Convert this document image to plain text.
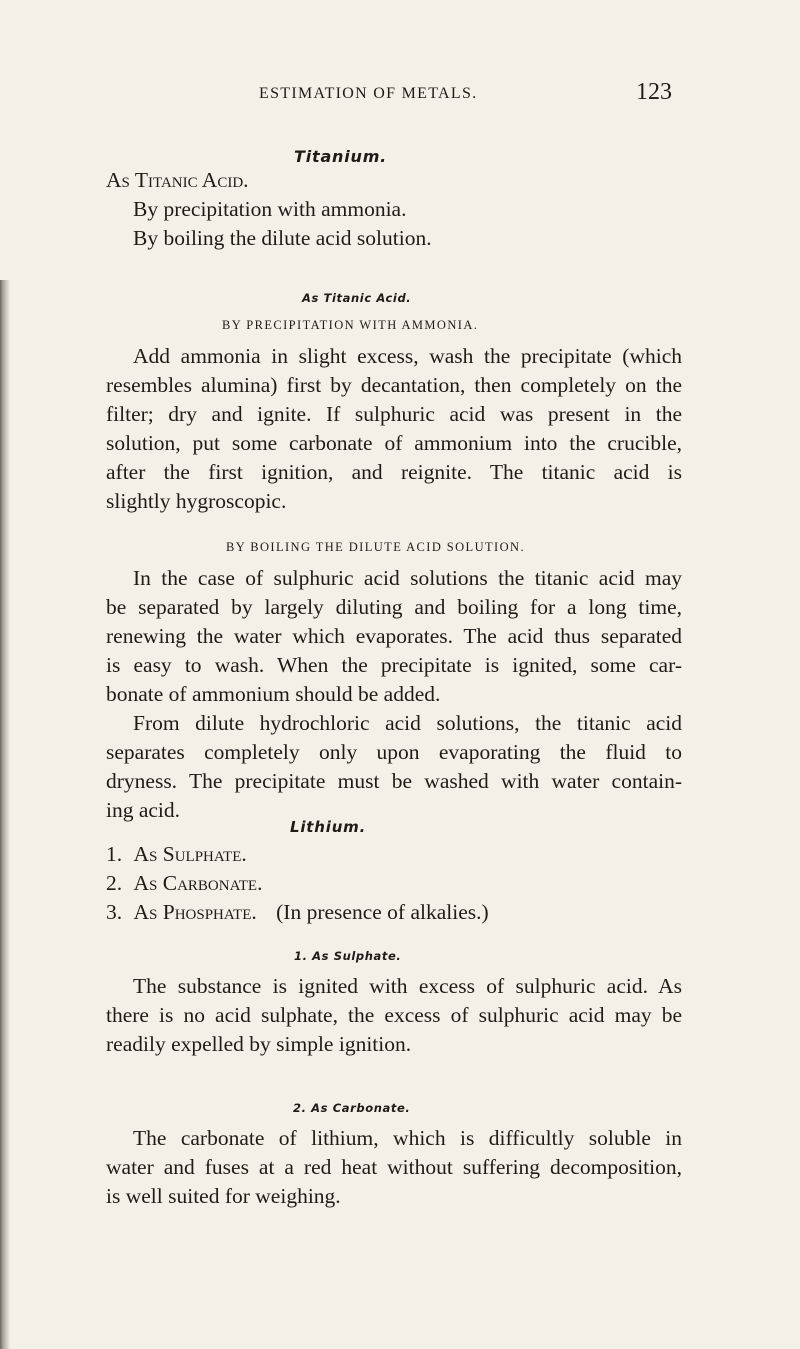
ESTIMATION OF METALS.	123
Titanium.
As Titanic Acid.
By precipitation with ammonia.
By boiling the dilute acid solution.
As Titanic Acid.
BY PRECIPITATION WITH AMMONIA.
Add ammonia in slight excess, wash the precipitate (which
resembles alumina) first by decantation, then completely on the
filter; dry and ignite. If sulphuric acid was present in the
solution, put some carbonate of ammonium into the crucible,
after the first ignition, and reignite. The titanic acid is
slightly hygroscopic.
BY BOILING THE DILUTE ACID SOLUTION.
In the case of sulphuric acid solutions the titanic acid may
be separated by largely diluting and boiling for a long time,
renewing the water which evaporates. The acid thus separated
is easy to wash. When the precipitate is ignited, some car-
bonate of ammonium should be added.
From dilute hydrochloric acid solutions, the titanic acid
separates completely only upon evaporating the fluid to
dryness. The precipitate must be washed with water contain-
ing acid.
Lithium.
1. As Sulphate.
2. As Carbonate.
3. As Phosphate. (In presence of alkalies.)
1. As Sulphate.
The substance is ignited with excess of sulphuric acid. As
there is no acid sulphate, the excess of sulphuric acid may be
readily expelled by simple ignition.
2. As Carbonate.
The carbonate of lithium, which is difficultly soluble in
water and fuses at a red heat without suffering decomposition,
is well suited for weighing.
